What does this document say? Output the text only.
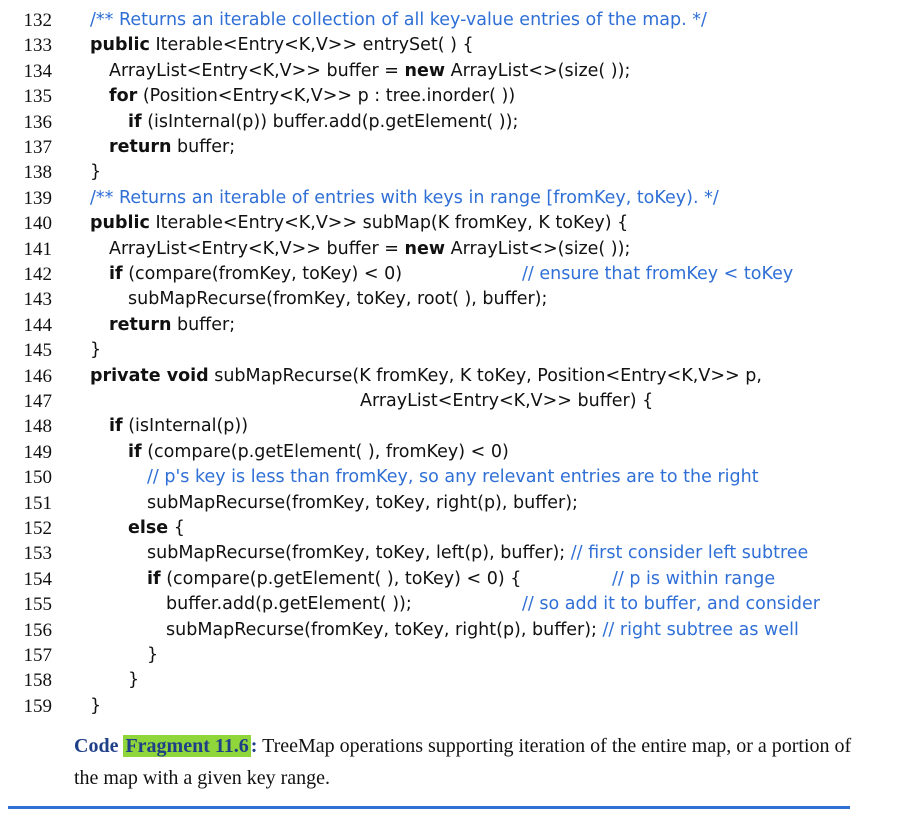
132 /** Returns an iterable collection of all key-value entries of the map. */
133 public Iterable<Entry<K,V>> entrySet( ) {
134	ArrayList<Entry<K,V>> buffer = new ArrayList<>(size( ));
135	for (Position<Entry<K,V>> p : tree.inorder( ))
136	if (isInternal(p)) buffer.add(p.getElement( ));
137	return buffer;
138 }
139 /** Returns an iterable of entries with keys in range [fromKey, toKey). */
140 public Iterable<Entry<K,V>> subMap(K fromKey, K toKey) {
141	ArrayList<Entry<K,V>> buffer = new ArrayList<>(size( ));
142	if (compare(fromKey, toKey) < 0)	// ensure that fromKey < toKey
143	subMapRecurse(fromKey, toKey, root( ), buffer);
144	return buffer;
145 }
146 private void subMapRecurse(K fromKey, K toKey, Position<Entry<K,V>> p,
147	ArrayList<Entry<K,V>> buffer) {
148	if (isInternal(p))
149	if (compare(p.getElement( ), fromKey) < 0)
150	// p's key is less than fromKey, so any relevant entries are to the right
151	subMapRecurse(fromKey, toKey, right(p), buffer);
152	else {
153	subMapRecurse(fromKey, toKey, left(p), buffer); // first consider left subtree
154	if (compare(p.getElement( ), toKey) < 0) {	// p is within range
155	buffer.add(p.getElement( ));	// so add it to buffer, and consider
156	subMapRecurse(fromKey, toKey, right(p), buffer); // right subtree as well
157	}
158	}
159 }
Code Fragment 11.6 : TreeMap operations supporting iteration of the entire map, or a portion of the map with a given key range.
